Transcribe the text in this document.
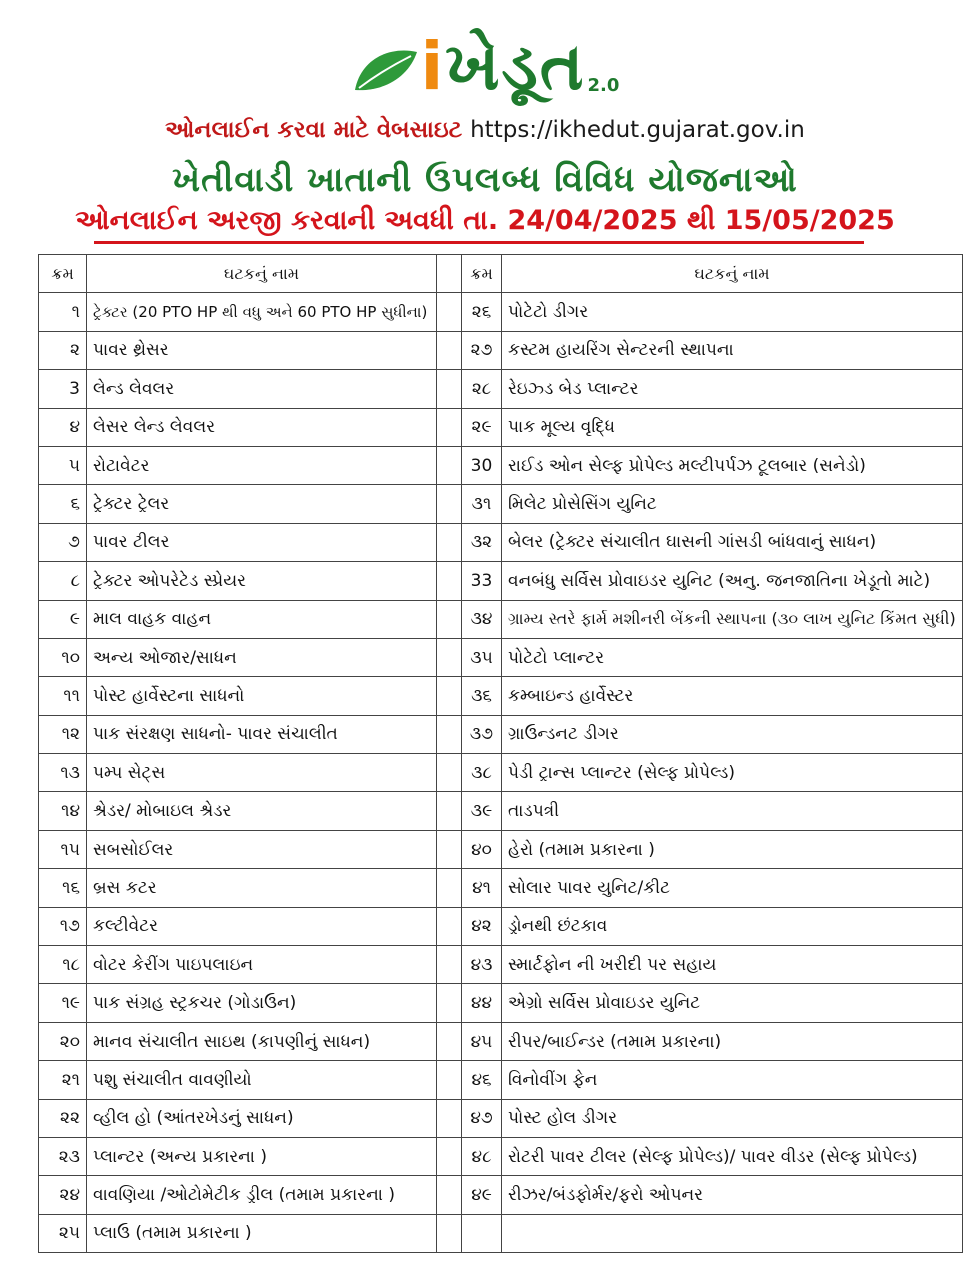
i ખેડૂત 2.0
ઓનલાઈન કરવા માટે વેબસાઇટ https://ikhedut.gujarat.gov.in
ખેતીવાડી ખાતાની ઉપલબ્ધ વિવિધ યોજનાઓ
ઓનલાઈન અરજી કરવાની અવધી તા. 24/04/2025 થી 15/05/2025
ક્રમ	ઘટકનું નામ		ક્રમ	ઘટકનું નામ
૧	ટ્રેક્ટર (20 PTO HP થી વધુ અને 60 PTO HP સુધીના)		૨૬	પોટેટો ડીગર
૨	પાવર થ્રેસર		૨૭	કસ્ટમ હાયરિંગ સેન્ટરની સ્થાપના
3	લેન્ડ લેવલર		૨૮	રેઇઝ્ડ બેડ પ્લાન્ટર
૪	લેસર લેન્ડ લેવલર		૨૯	પાક મૂલ્ય વૃદ્ધિ
૫	રોટાવેટર		30	રાઈડ ઓન સેલ્ફ પ્રોપેલ્ડ મલ્ટીપર્પઝ ટૂલબાર (સનેડો)
૬	ટ્રેક્ટર ટ્રેલર		૩૧	મિલેટ પ્રોસેસિંગ યુનિટ
૭	પાવર ટીલર		૩૨	બેલર (ટ્રેક્ટર સંચાલીત ઘાસની ગાંસડી બાંધવાનું સાધન)
૮	ટ્રેક્ટર ઓપરેટેડ સ્પ્રેયર		33	વનબંધુ સર્વિસ પ્રોવાઇડર યુનિટ (અનુ. જનજાતિના ખેડૂતો માટે)
૯	માલ વાહક વાહન		૩૪	ગ્રામ્ય સ્તરે ફાર્મ મશીનરી બેંકની સ્થાપના (૩૦ લાખ યુનિટ કિંમત સુધી)
૧૦	અન્ય ઓજાર/સાધન		૩૫	પોટેટો પ્લાન્ટર
૧૧	પોસ્ટ હાર્વેસ્ટના સાધનો		૩૬	કમ્બાઇન્ડ હાર્વેસ્ટર
૧૨	પાક સંરક્ષણ સાધનો- પાવર સંચાલીત		૩૭	ગ્રાઉન્ડનટ ડીગર
૧૩	પમ્પ સેટ્સ		૩૮	પેડી ટ્રાન્સ પ્લાન્ટર (સેલ્ફ પ્રોપેલ્ડ)
૧૪	શ્રેડર/ મોબાઇલ શ્રેડર		૩૯	તાડપત્રી
૧૫	સબસોઈલર		૪૦	હેરો (તમામ પ્રકારના )
૧૬	બ્રસ કટર		૪૧	સોલાર પાવર યુનિટ/કીટ
૧૭	કલ્ટીવેટર		૪૨	ડ્રોનથી છંટકાવ
૧૮	વોટર કેરીંગ પાઇપલાઇન		૪૩	સ્માર્ટફોન ની ખરીદી પર સહાય
૧૯	પાક સંગ્રહ સ્ટ્રકચર (ગોડાઉન)		૪૪	એગ્રો સર્વિસ પ્રોવાઇડર યુનિટ
૨૦	માનવ સંચાલીત સાઇથ (કાપણીનું સાધન)		૪૫	રીપર/બાઈન્ડર (તમામ પ્રકારના)
૨૧	પશુ સંચાલીત વાવણીયો		૪૬	વિનોવીંગ ફેન
૨૨	વ્હીલ હો (આંતરખેડનું સાધન)		૪૭	પોસ્ટ હોલ ડીગર
૨૩	પ્લાન્ટર (અન્ય પ્રકારના )		૪૮	રોટરી પાવર ટીલર (સેલ્ફ પ્રોપેલ્ડ)/ પાવર વીડર (સેલ્ફ પ્રોપેલ્ડ)
૨૪	વાવણિયા /ઓટોમેટીક ડ્રીલ (તમામ પ્રકારના )		૪૯	રીઝર/બંડફોર્મર/ફરો ઓપનર
૨૫	પ્લાઉ (તમામ પ્રકારના )			
